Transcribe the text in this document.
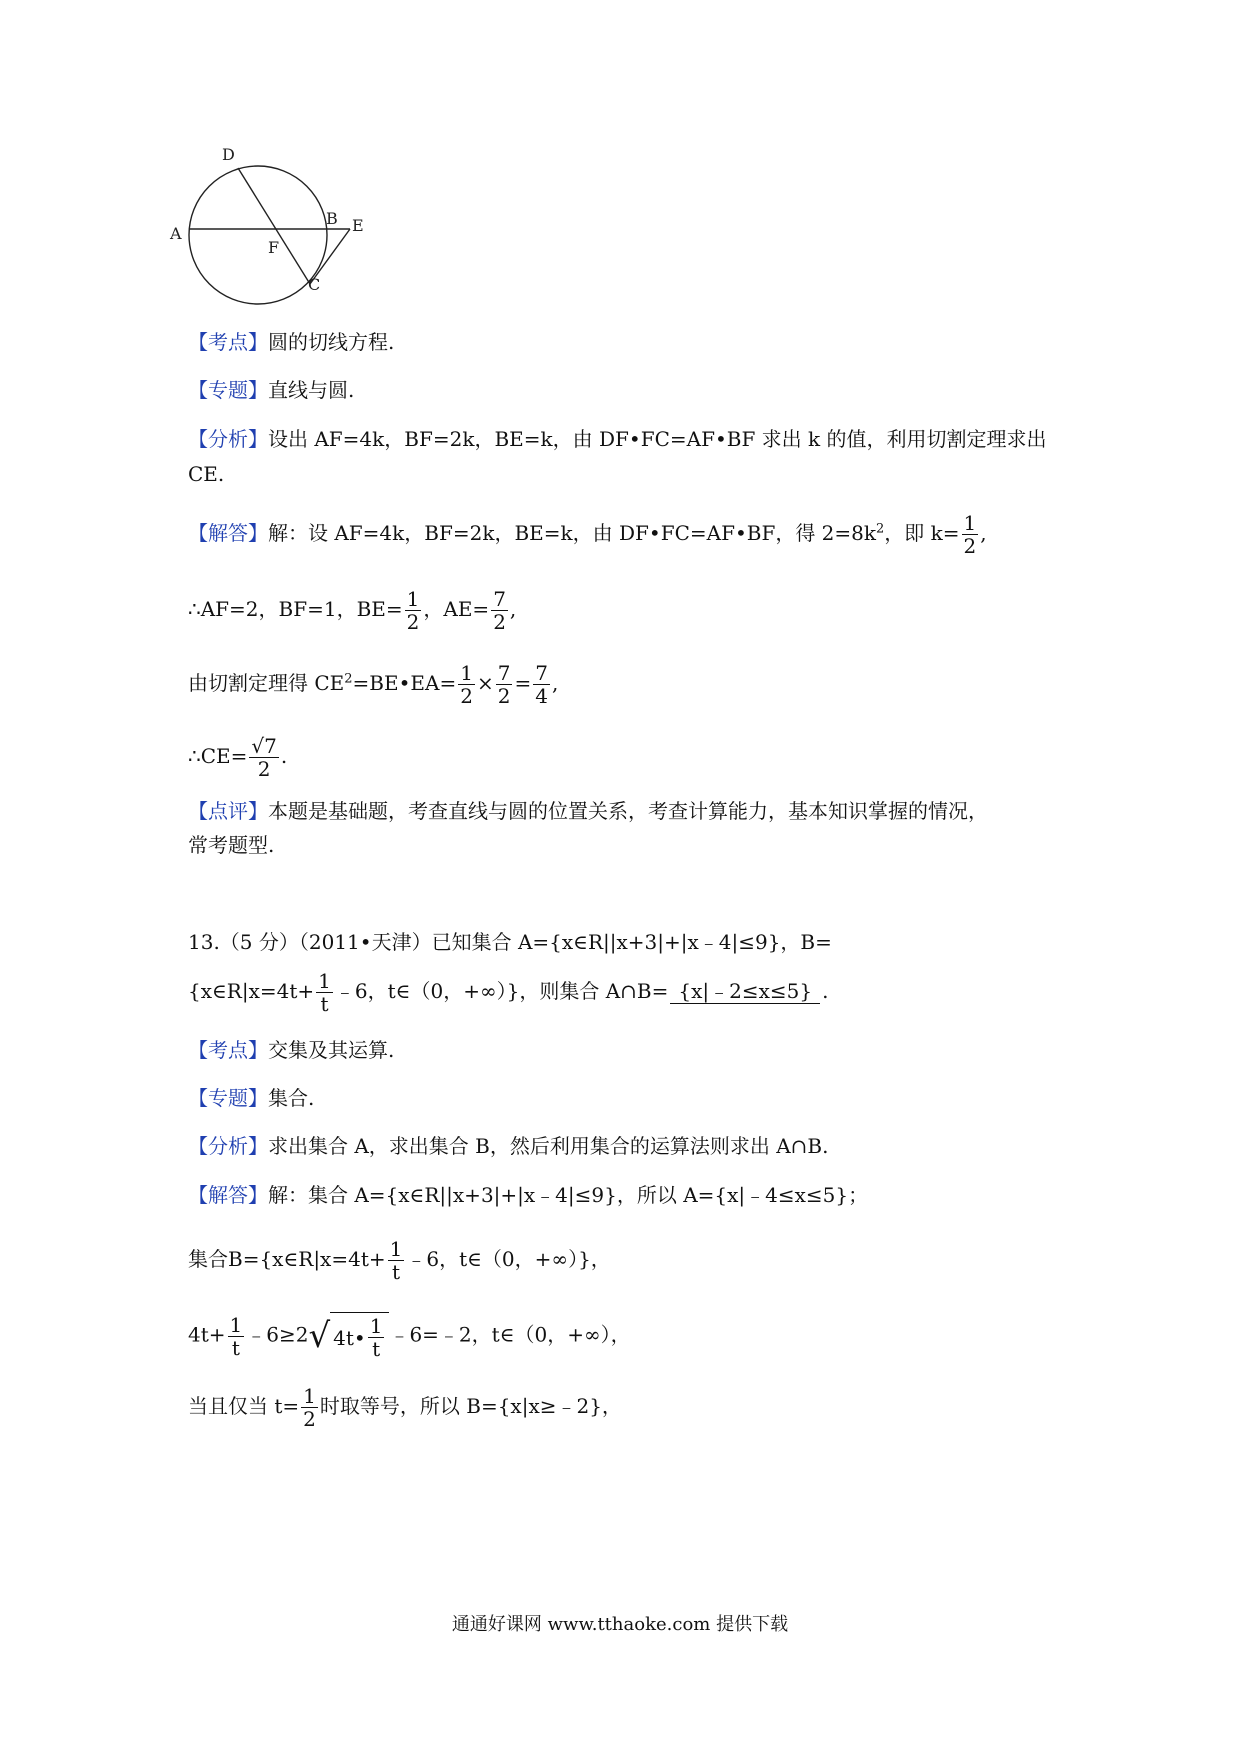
D
A
B E
F
C
【考点】圆的切线方程.
【专题】直线与圆.
【分析】设出 AF=4k，BF=2k，BE=k，由 DF•FC=AF•BF 求出 k 的值，利用切割定理求出
CE.
【解答】解：设 AF=4k，BF=2k，BE=k，由 DF•FC=AF•BF，得 $2=8k^2$，即 $k= \frac{1}{2}$ ,
∴AF=2，BF=1，$BE= \frac{1}{2}$ ，$AE= \frac{7}{2}$ ,
由切割定理得 $CE^2=BE•EA= \frac{1}{2} \times \frac{7}{2} = \frac{7}{4}$ ,
∴CE= $\frac{√7}{2}$ .
【点评】本题是基础题，考查直线与圆的位置关系，考查计算能力，基本知识掌握的情况，
常考题型.
13.（5 分）（2011•天津）已知集合 A={x∈R||x+3|+|x﹣4|≤9}，B=
{x∈R|x=4t+ $\frac{1}{t}$ ﹣6，t∈（0，+∞）}，则集合 A∩B= {x|﹣2≤x≤5} .
【考点】交集及其运算.
【专题】集合.
【分析】求出集合 A，求出集合 B，然后利用集合的运算法则求出 A∩B.
【解答】解：集合 A={x∈R||x+3|+|x﹣4|≤9}，所以 A={x|﹣4≤x≤5}；
集合B={x∈R|x=4t+ $\frac{1}{t}$ ﹣6，t∈（0，+∞）}，
$4t+ \frac{1}{t}$ ﹣6≥2 √ 4t• $\frac{1}{t}$ ﹣6=﹣2，t∈（0，+∞），
当且仅当 $t= \frac{1}{2}$ 时取等号，所以 B={x|x≥﹣2}，
通通好课网 www.tthaoke.com 提供下载
